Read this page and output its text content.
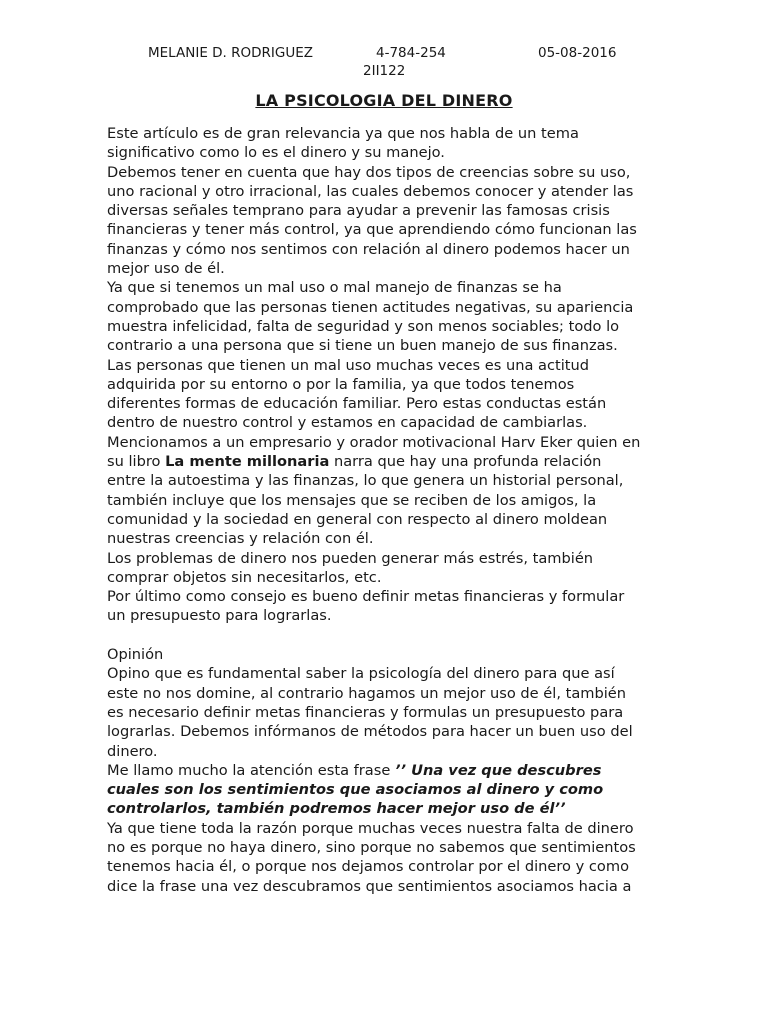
MELANIE D. RODRIGUEZ	4-784-254	05-08-2016
2II122
LA PSICOLOGIA DEL DINERO
Este artículo es de gran relevancia ya que nos habla de un tema
significativo como lo es el dinero y su manejo.
Debemos tener en cuenta que hay dos tipos de creencias sobre su uso,
uno racional y otro irracional, las cuales debemos conocer y atender las
diversas señales temprano para ayudar a prevenir las famosas crisis
financieras y tener más control, ya que aprendiendo cómo funcionan las
finanzas y cómo nos sentimos con relación al dinero podemos hacer un
mejor uso de él.
Ya que si tenemos un mal uso o mal manejo de finanzas se ha
comprobado que las personas tienen actitudes negativas, su apariencia
muestra infelicidad, falta de seguridad y son menos sociables; todo lo
contrario a una persona que si tiene un buen manejo de sus finanzas.
Las personas que tienen un mal uso muchas veces es una actitud
adquirida por su entorno o por la familia, ya que todos tenemos
diferentes formas de educación familiar. Pero estas conductas están
dentro de nuestro control y estamos en capacidad de cambiarlas.
Mencionamos a un empresario y orador motivacional Harv Eker quien en
su libro La mente millonaria narra que hay una profunda relación
entre la autoestima y las finanzas, lo que genera un historial personal,
también incluye que los mensajes que se reciben de los amigos, la
comunidad y la sociedad en general con respecto al dinero moldean
nuestras creencias y relación con él.
Los problemas de dinero nos pueden generar más estrés, también
comprar objetos sin necesitarlos, etc.
Por último como consejo es bueno definir metas financieras y formular
un presupuesto para lograrlas.
Opinión
Opino que es fundamental saber la psicología del dinero para que así
este no nos domine, al contrario hagamos un mejor uso de él, también
es necesario definir metas financieras y formulas un presupuesto para
lograrlas. Debemos infórmanos de métodos para hacer un buen uso del
dinero.
Me llamo mucho la atención esta frase ’’ Una vez que descubres
cuales son los sentimientos que asociamos al dinero y como
controlarlos, también podremos hacer mejor uso de él’’
Ya que tiene toda la razón porque muchas veces nuestra falta de dinero
no es porque no haya dinero, sino porque no sabemos que sentimientos
tenemos hacia él, o porque nos dejamos controlar por el dinero y como
dice la frase una vez descubramos que sentimientos asociamos hacia a
